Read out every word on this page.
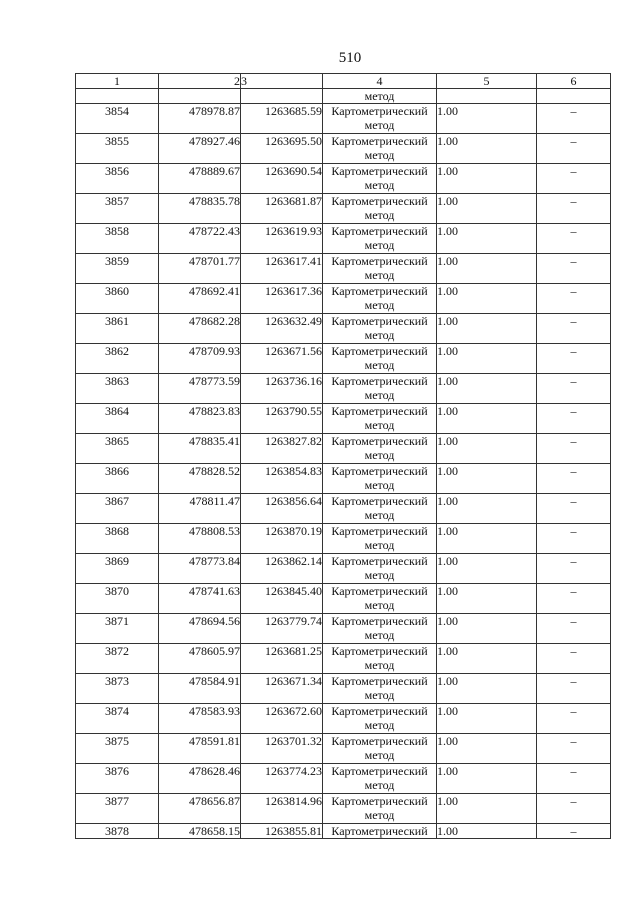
510
1	2	3	4	5	6
			метод		
3854	478978.87	1263685.59	Картометрический
метод	1.00	–
3855	478927.46	1263695.50	Картометрический
метод	1.00	–
3856	478889.67	1263690.54	Картометрический
метод	1.00	–
3857	478835.78	1263681.87	Картометрический
метод	1.00	–
3858	478722.43	1263619.93	Картометрический
метод	1.00	–
3859	478701.77	1263617.41	Картометрический
метод	1.00	–
3860	478692.41	1263617.36	Картометрический
метод	1.00	–
3861	478682.28	1263632.49	Картометрический
метод	1.00	–
3862	478709.93	1263671.56	Картометрический
метод	1.00	–
3863	478773.59	1263736.16	Картометрический
метод	1.00	–
3864	478823.83	1263790.55	Картометрический
метод	1.00	–
3865	478835.41	1263827.82	Картометрический
метод	1.00	–
3866	478828.52	1263854.83	Картометрический
метод	1.00	–
3867	478811.47	1263856.64	Картометрический
метод	1.00	–
3868	478808.53	1263870.19	Картометрический
метод	1.00	–
3869	478773.84	1263862.14	Картометрический
метод	1.00	–
3870	478741.63	1263845.40	Картометрический
метод	1.00	–
3871	478694.56	1263779.74	Картометрический
метод	1.00	–
3872	478605.97	1263681.25	Картометрический
метод	1.00	–
3873	478584.91	1263671.34	Картометрический
метод	1.00	–
3874	478583.93	1263672.60	Картометрический
метод	1.00	–
3875	478591.81	1263701.32	Картометрический
метод	1.00	–
3876	478628.46	1263774.23	Картометрический
метод	1.00	–
3877	478656.87	1263814.96	Картометрический
метод	1.00	–
3878	478658.15	1263855.81	Картометрический	1.00	–
